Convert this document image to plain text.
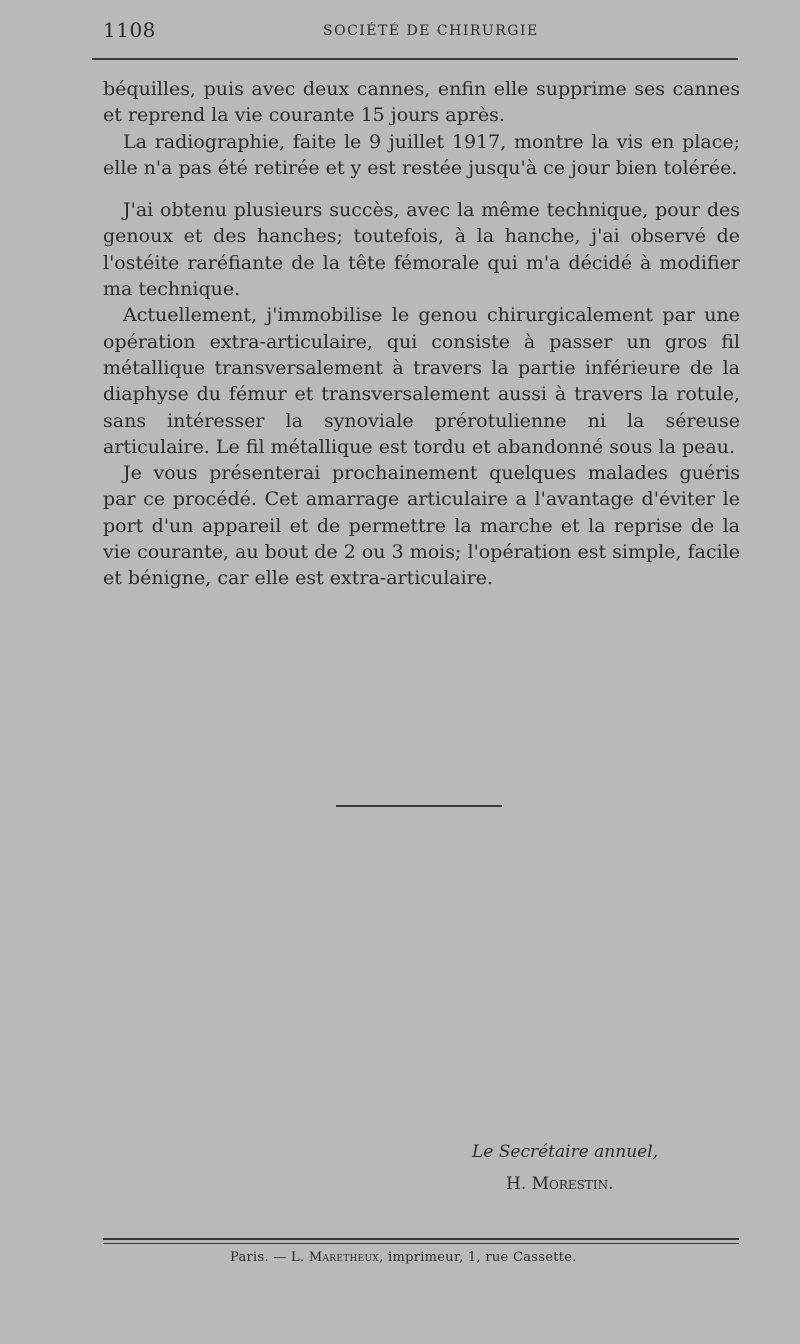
1108	SOCIÉTÉ DE CHIRURGIE

béquilles, puis avec deux cannes, enfin elle supprime ses cannes et reprend la vie courante 15 jours après.

La radiographie, faite le 9 juillet 1917, montre la vis en place; elle n'a pas été retirée et y est restée jusqu'à ce jour bien tolérée.

J'ai obtenu plusieurs succès, avec la même technique, pour des genoux et des hanches; toutefois, à la hanche, j'ai observé de l'ostéite raréfiante de la tête fémorale qui m'a décidé à modifier ma technique.

Actuellement, j'immobilise le genou chirurgicalement par une opération extra-articulaire, qui consiste à passer un gros fil métallique transversalement à travers la partie inférieure de la diaphyse du fémur et transversalement aussi à travers la rotule, sans intéresser la synoviale prérotulienne ni la séreuse articulaire. Le fil métallique est tordu et abandonné sous la peau.

Je vous présenterai prochainement quelques malades guéris par ce procédé. Cet amarrage articulaire a l'avantage d'éviter le port d'un appareil et de permettre la marche et la reprise de la vie courante, au bout de 2 ou 3 mois; l'opération est simple, facile et bénigne, car elle est extra-articulaire.

Le Secrétaire annuel,
H. Morestin.
Paris. — L. Maretheux, imprimeur, 1, rue Cassette.
